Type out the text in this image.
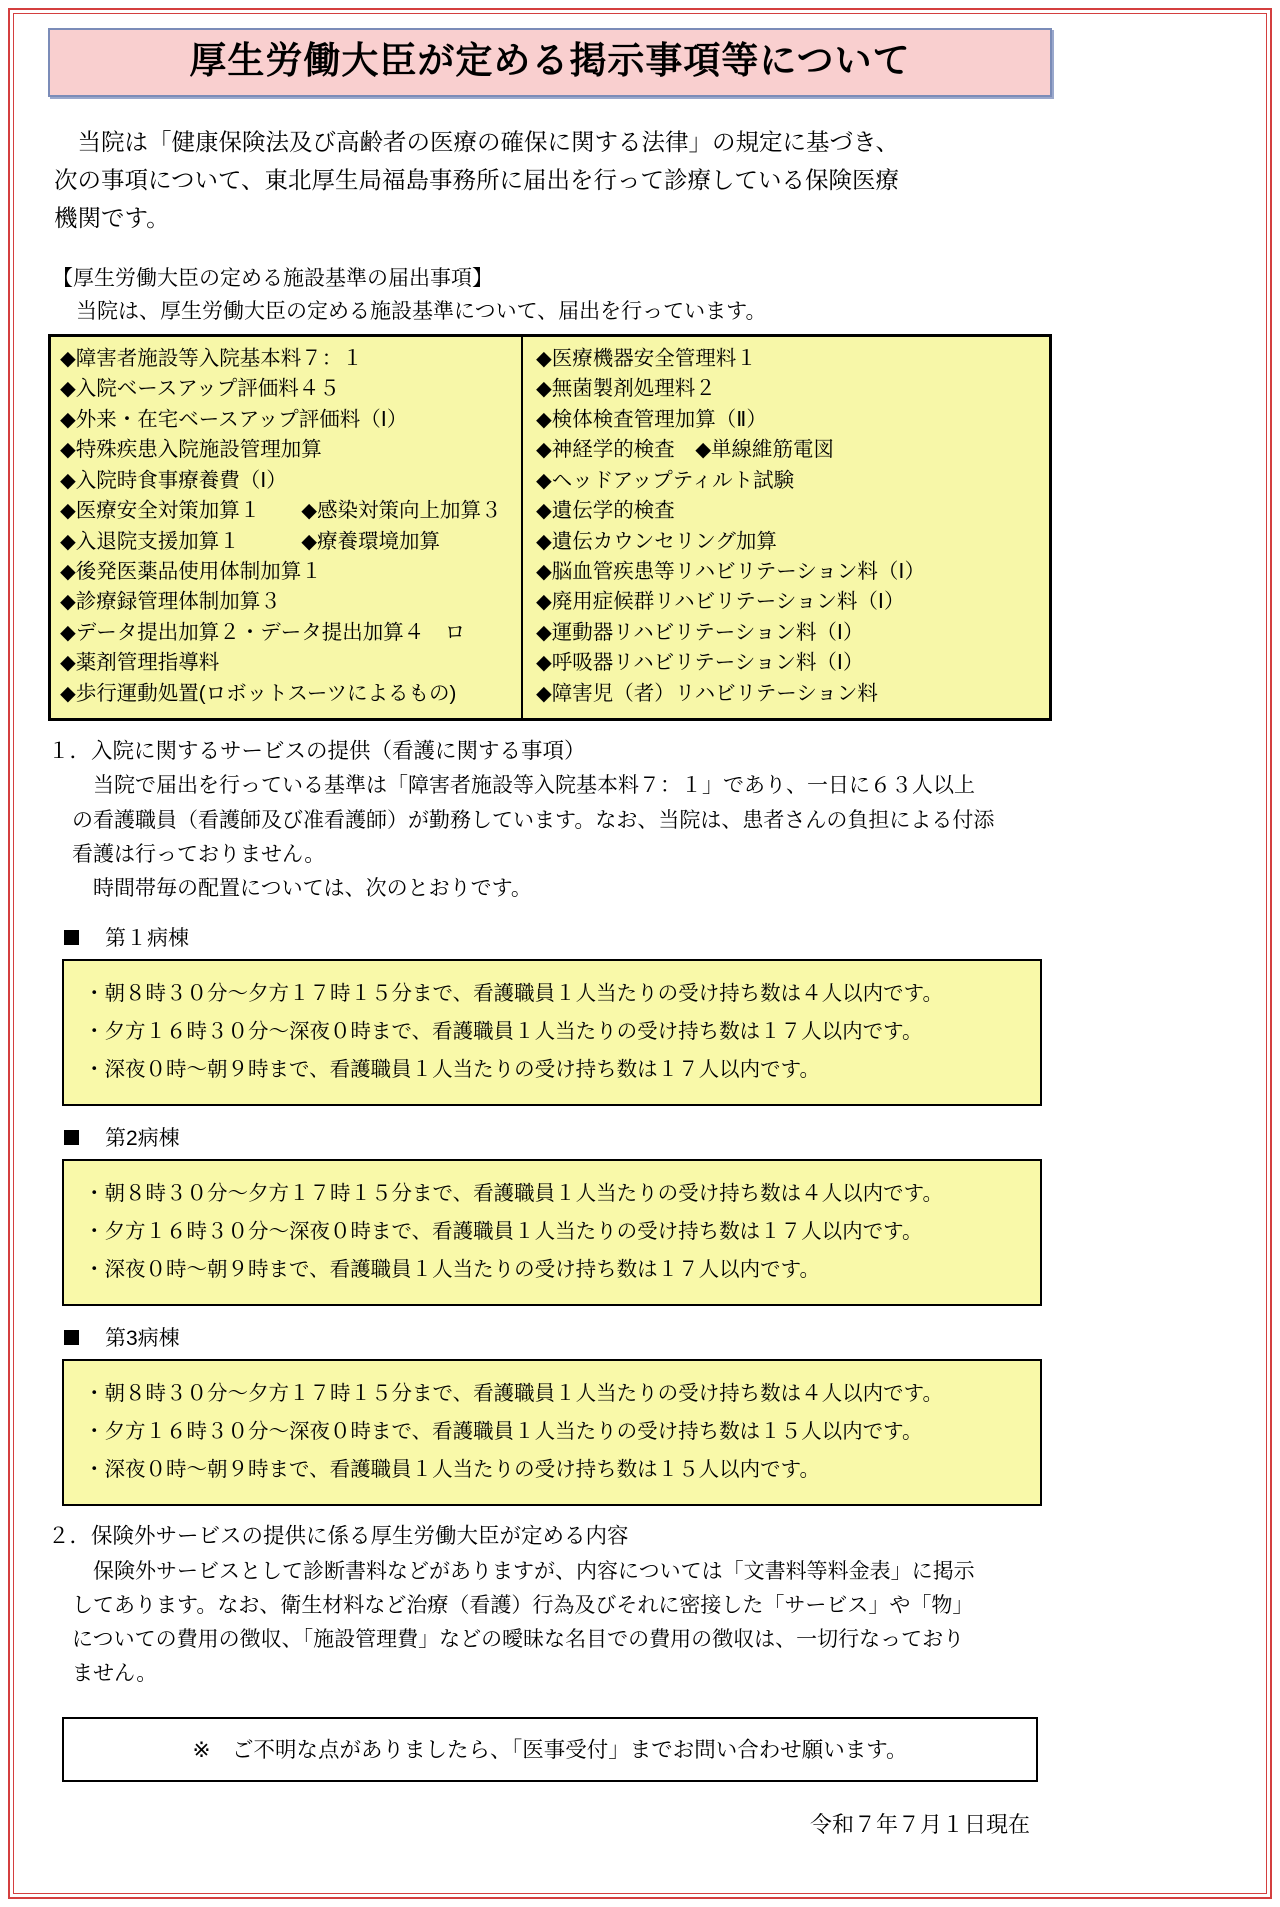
厚生労働大臣が定める掲示事項等について
　当院は「健康保険法及び高齢者の医療の確保に関する法律」の規定に基づき、
次の事項について、東北厚生局福島事務所に届出を行って診療している保険医療
機関です。
【厚生労働大臣の定める施設基準の届出事項】
当院は、厚生労働大臣の定める施設基準について、届出を行っています。
◆障害者施設等入院基本料７：１
◆入院ベースアップ評価料４５
◆外来・在宅ベースアップ評価料（Ⅰ）
◆特殊疾患入院施設管理加算
◆入院時食事療養費（Ⅰ）
◆医療安全対策加算１　　◆感染対策向上加算３
◆入退院支援加算１　　　◆療養環境加算
◆後発医薬品使用体制加算１
◆診療録管理体制加算３
◆データ提出加算２・データ提出加算４　ロ
◆薬剤管理指導料
◆歩行運動処置(ロボットスーツによるもの)
◆医療機器安全管理料１
◆無菌製剤処理料２
◆検体検査管理加算（Ⅱ）
◆神経学的検査　◆単線維筋電図
◆ヘッドアップティルト試験
◆遺伝学的検査
◆遺伝カウンセリング加算
◆脳血管疾患等リハビリテーション料（Ⅰ）
◆廃用症候群リハビリテーション料（Ⅰ）
◆運動器リハビリテーション料（Ⅰ）
◆呼吸器リハビリテーション料（Ⅰ）
◆障害児（者）リハビリテーション料
１．入院に関するサービスの提供（看護に関する事項）
　当院で届出を行っている基準は「障害者施設等入院基本料７：１」であり、一日に６３人以上
の看護職員（看護師及び准看護師）が勤務しています。なお、当院は、患者さんの負担による付添
看護は行っておりません。
　時間帯毎の配置については、次のとおりです。
第１病棟
・朝８時３０分～夕方１７時１５分まで、看護職員１人当たりの受け持ち数は４人以内です。
・夕方１６時３０分～深夜０時まで、看護職員１人当たりの受け持ち数は１７人以内です。
・深夜０時～朝９時まで、看護職員１人当たりの受け持ち数は１７人以内です。
第2病棟
・朝８時３０分～夕方１７時１５分まで、看護職員１人当たりの受け持ち数は４人以内です。
・夕方１６時３０分～深夜０時まで、看護職員１人当たりの受け持ち数は１７人以内です。
・深夜０時～朝９時まで、看護職員１人当たりの受け持ち数は１７人以内です。
第3病棟
・朝８時３０分～夕方１７時１５分まで、看護職員１人当たりの受け持ち数は４人以内です。
・夕方１６時３０分～深夜０時まで、看護職員１人当たりの受け持ち数は１５人以内です。
・深夜０時～朝９時まで、看護職員１人当たりの受け持ち数は１５人以内です。
２．保険外サービスの提供に係る厚生労働大臣が定める内容
　保険外サービスとして診断書料などがありますが、内容については「文書料等料金表」に掲示
してあります。なお、衛生材料など治療（看護）行為及びそれに密接した「サービス」や「物」
についての費用の徴収、「施設管理費」などの曖昧な名目での費用の徴収は、一切行なっており
ません。
※　ご不明な点がありましたら、「医事受付」までお問い合わせ願います。
令和７年７月１日現在
